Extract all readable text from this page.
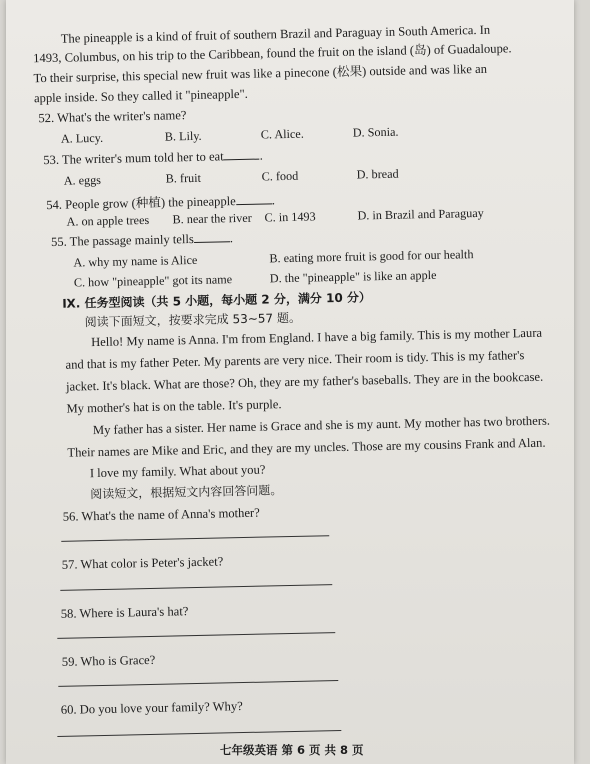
The pineapple is a kind of fruit of southern Brazil and Paraguay in South America. In
1493, Columbus, on his trip to the Caribbean, found the fruit on the island (岛) of Guadaloupe.
To their surprise, this special new fruit was like a pinecone (松果) outside and was like an
apple inside. So they called it "pineapple".
52. What's the writer's name?
A. Lucy.	B. Lily.	C. Alice.	D. Sonia.
53. The writer's mum told her to eat	.
A. eggs	B. fruit	C. food	D. bread
54. People grow (种植) the pineapple	.
A. on apple trees B. near the river C. in 1493	D. in Brazil and Paraguay
55. The passage mainly tells	.
A. why my name is Alice	B. eating more fruit is good for our health
C. how "pineapple" got its name	D. the "pineapple" is like an apple
Ⅸ. 任务型阅读（共 5 小题，每小题 2 分，满分 10 分）
阅读下面短文，按要求完成 53~57 题。
Hello! My name is Anna. I'm from England. I have a big family. This is my mother Laura
and that is my father Peter. My parents are very nice. Their room is tidy. This is my father's
jacket. It's black. What are those? Oh, they are my father's baseballs. They are in the bookcase.
My mother's hat is on the table. It's purple.
My father has a sister. Her name is Grace and she is my aunt. My mother has two brothers.
Their names are Mike and Eric, and they are my uncles. Those are my cousins Frank and Alan.
I love my family. What about you?
阅读短文，根据短文内容回答问题。
56. What's the name of Anna's mother?
57. What color is Peter's jacket?
58. Where is Laura's hat?
59. Who is Grace?
60. Do you love your family? Why?
七年级英语 第 6 页 共 8 页
